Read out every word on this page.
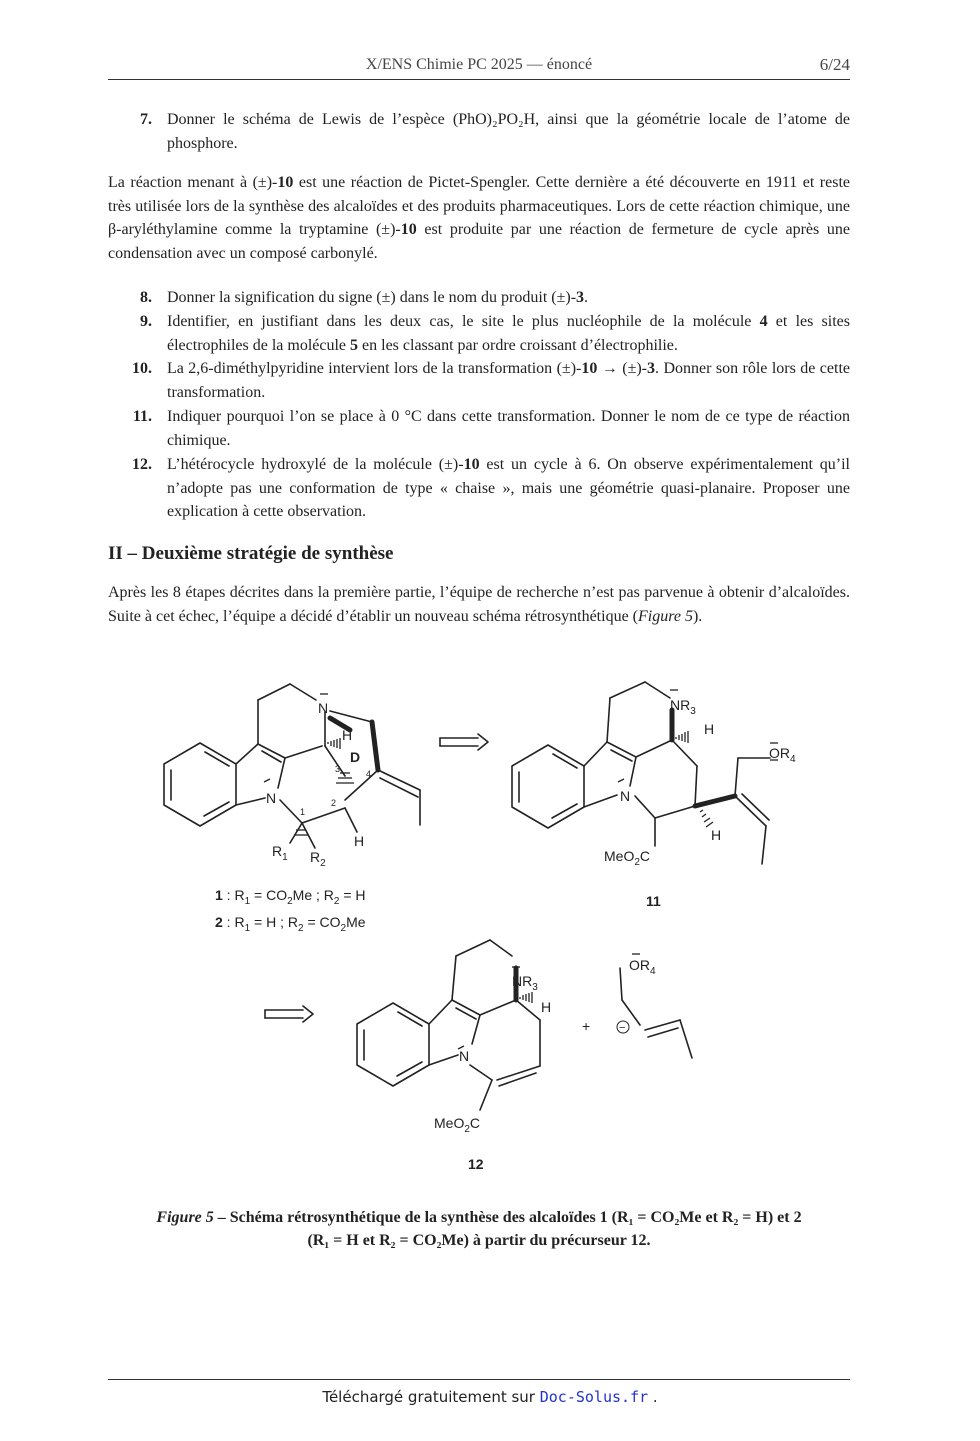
X/ENS Chimie PC 2025 — énoncé	6/24
7. Donner le schéma de Lewis de l’espèce (PhO)₂PO₂H, ainsi que la géométrie locale de l’atome de phosphore.
La réaction menant à (±)-10 est une réaction de Pictet-Spengler. Cette dernière a été découverte en 1911 et reste très utilisée lors de la synthèse des alcaloïdes et des produits pharmaceutiques. Lors de cette réaction chimique, une β-aryléthylamine comme la tryptamine (±)-10 est produite par une réaction de fermeture de cycle après une condensation avec un composé carbonylé.
8. Donner la signification du signe (±) dans le nom du produit (±)-3.
9. Identifier, en justifiant dans les deux cas, le site le plus nucléophile de la molécule 4 et les sites électrophiles de la molécule 5 en les classant par ordre croissant d’électrophilie.
10. La 2,6-diméthylpyridine intervient lors de la transformation (±)-10 → (±)-3. Donner son rôle lors de cette transformation.
11. Indiquer pourquoi l’on se place à 0 °C dans cette transformation. Donner le nom de ce type de réaction chimique.
12. L’hétérocycle hydroxylé de la molécule (±)-10 est un cycle à 6. On observe expérimentalement qu’il n’adopte pas une conformation de type « chaise », mais une géométrie quasi-planaire. Proposer une explication à cette observation.
II – Deuxième stratégie de synthèse
Après les 8 étapes décrites dans la première partie, l’équipe de recherche n’est pas parvenue à obtenir d’alcaloïdes. Suite à cet échec, l’équipe a décidé d’établir un nouveau schéma rétrosynthétique (Figure 5).
N
H
D
N
1
2
3	4
H
$R_1$ $R_2$
1 : $R_1 = CO_2Me$ ; $R_2 = H$
2 : $R_1 = H$ ; $R_2 = CO_2Me$
$NR_3$
H
$OR_4$
N
H
MeO$_2$C
11
$NR_3$
H
N
MeO$_2$C
12
+
$OR_4$
−
Figure 5 – Schéma rétrosynthétique de la synthèse des alcaloïdes 1 (R₁ = CO₂Me et R₂ = H) et 2
(R₁ = H et R₂ = CO₂Me) à partir du précurseur 12.
Téléchargé gratuitement sur Doc-Solus.fr .
